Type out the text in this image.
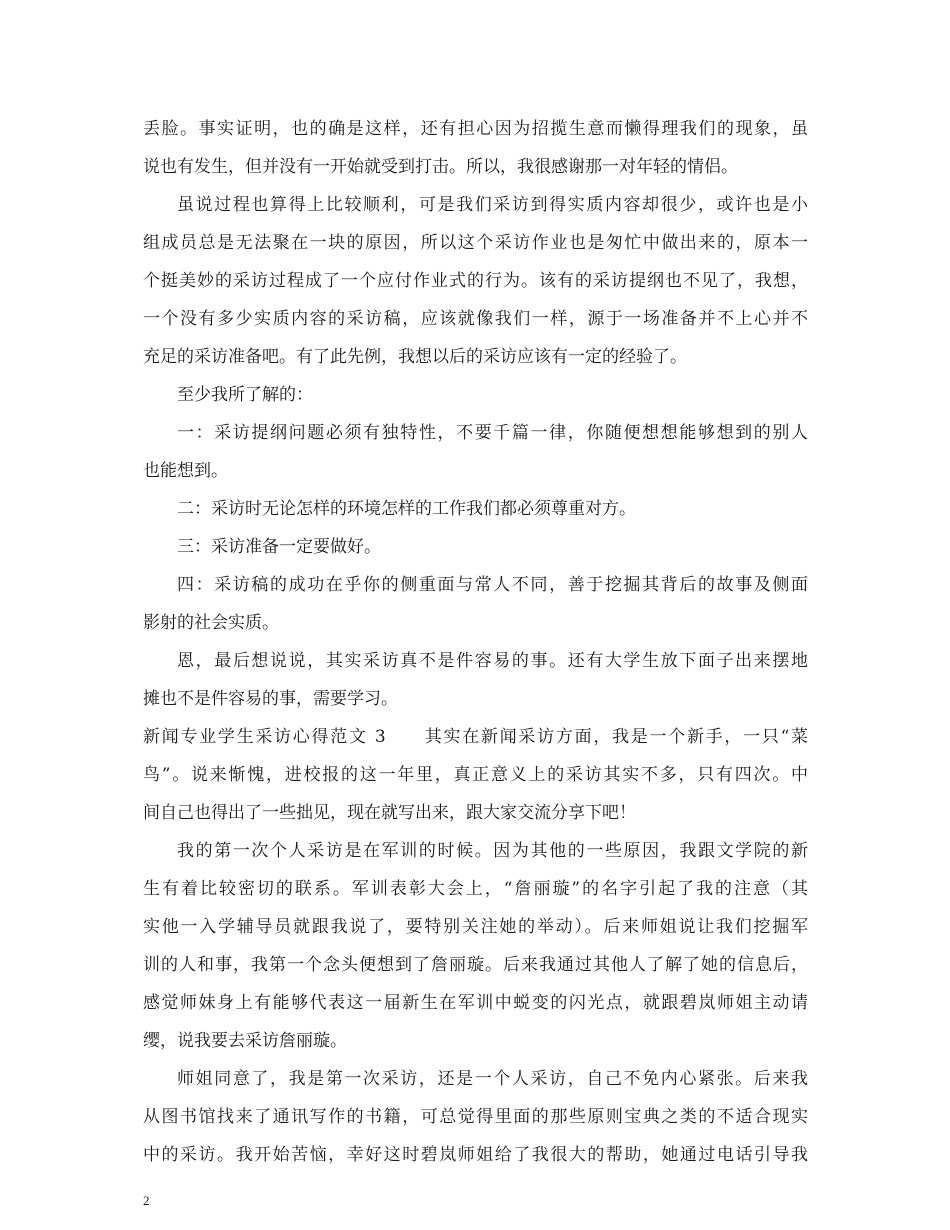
丢脸。事实证明，也的确是这样，还有担心因为招揽生意而懒得理我们的现象，虽
说也有发生，但并没有一开始就受到打击。所以，我很感谢那一对年轻的情侣。
虽说过程也算得上比较顺利，可是我们采访到得实质内容却很少，或许也是小
组成员总是无法聚在一块的原因，所以这个采访作业也是匆忙中做出来的，原本一
个挺美妙的采访过程成了一个应付作业式的行为。该有的采访提纲也不见了，我想，
一个没有多少实质内容的采访稿，应该就像我们一样，源于一场准备并不上心并不
充足的采访准备吧。有了此先例，我想以后的采访应该有一定的经验了。
至少我所了解的：
一：采访提纲问题必须有独特性，不要千篇一律，你随便想想能够想到的别人
也能想到。
二：采访时无论怎样的环境怎样的工作我们都必须尊重对方。
三：采访准备一定要做好。
四：采访稿的成功在乎你的侧重面与常人不同，善于挖掘其背后的故事及侧面
影射的社会实质。
恩，最后想说说，其实采访真不是件容易的事。还有大学生放下面子出来摆地
摊也不是件容易的事，需要学习。
新闻专业学生采访心得范文 3　　其实在新闻采访方面，我是一个新手，一只“菜
鸟”。说来惭愧，进校报的这一年里，真正意义上的采访其实不多，只有四次。中
间自己也得出了一些拙见，现在就写出来，跟大家交流分享下吧！
我的第一次个人采访是在军训的时候。因为其他的一些原因，我跟文学院的新
生有着比较密切的联系。军训表彰大会上，“詹丽璇”的名字引起了我的注意（其
实他一入学辅导员就跟我说了，要特别关注她的举动）。后来师姐说让我们挖掘军
训的人和事，我第一个念头便想到了詹丽璇。后来我通过其他人了解了她的信息后，
感觉师妹身上有能够代表这一届新生在军训中蜕变的闪光点，就跟碧岚师姐主动请
缨，说我要去采访詹丽璇。
师姐同意了，我是第一次采访，还是一个人采访，自己不免内心紧张。后来我
从图书馆找来了通讯写作的书籍，可总觉得里面的那些原则宝典之类的不适合现实
中的采访。我开始苦恼，幸好这时碧岚师姐给了我很大的帮助，她通过电话引导我
2
